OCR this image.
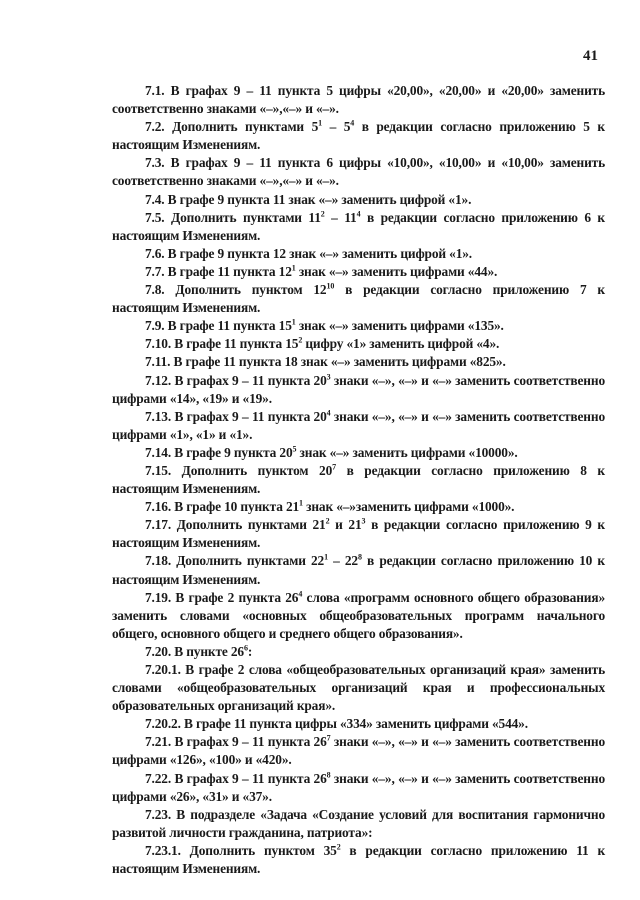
41

7.1. В графах 9 – 11 пункта 5 цифры «20,00», «20,00» и «20,00» заменить соответственно знаками «–»,«–» и «–».

7.2. Дополнить пунктами $5^1 - 5^4$ в редакции согласно приложению 5 к настоящим Изменениям.

7.3. В графах 9 – 11 пункта 6 цифры «10,00», «10,00» и «10,00» заменить соответственно знаками «–»,«–» и «–».

7.4. В графе 9 пункта 11 знак «–» заменить цифрой «1».

7.5. Дополнить пунктами $11^2 - 11^4$ в редакции согласно приложению 6 к настоящим Изменениям.

7.6. В графе 9 пункта 12 знак «–» заменить цифрой «1».

7.7. В графе 11 пункта $12^1$ знак «–» заменить цифрами «44».

7.8. Дополнить пунктом $12^{10}$ в редакции согласно приложению 7 к настоящим Изменениям.

7.9. В графе 11 пункта $15^1$ знак «–» заменить цифрами «135».

7.10. В графе 11 пункта $15^2$ цифру «1» заменить цифрой «4».

7.11. В графе 11 пункта 18 знак «–» заменить цифрами «825».

7.12. В графах 9 – 11 пункта $20^3$ знаки «–», «–» и «–» заменить соответственно цифрами «14», «19» и «19».

7.13. В графах 9 – 11 пункта $20^4$ знаки «–», «–» и «–» заменить соответственно цифрами «1», «1» и «1».

7.14. В графе 9 пункта $20^5$ знак «–» заменить цифрами «10000».

7.15. Дополнить пунктом $20^7$ в редакции согласно приложению 8 к настоящим Изменениям.

7.16. В графе 10 пункта $21^1$ знак «–»заменить цифрами «1000».

7.17. Дополнить пунктами $21^2$ и $21^3$ в редакции согласно приложению 9 к настоящим Изменениям.

7.18. Дополнить пунктами $22^1 - 22^8$ в редакции согласно приложению 10 к настоящим Изменениям.

7.19. В графе 2 пункта $26^4$ слова «программ основного общего образования» заменить словами «основных общеобразовательных программ начального общего, основного общего и среднего общего образования».

7.20. В пункте $26^6$:

7.20.1. В графе 2 слова «общеобразовательных организаций края» заменить словами «общеобразовательных организаций края и профессиональных образовательных организаций края».

7.20.2. В графе 11 пункта цифры «334» заменить цифрами «544».

7.21. В графах 9 – 11 пункта $26^7$ знаки «–», «–» и «–» заменить соответственно цифрами «126», «100» и «420».

7.22. В графах 9 – 11 пункта $26^8$ знаки «–», «–» и «–» заменить соответственно цифрами «26», «31» и «37».

7.23. В подразделе «Задача «Создание условий для воспитания гармонично развитой личности гражданина, патриота»:

7.23.1. Дополнить пунктом $35^2$ в редакции согласно приложению 11 к настоящим Изменениям.
